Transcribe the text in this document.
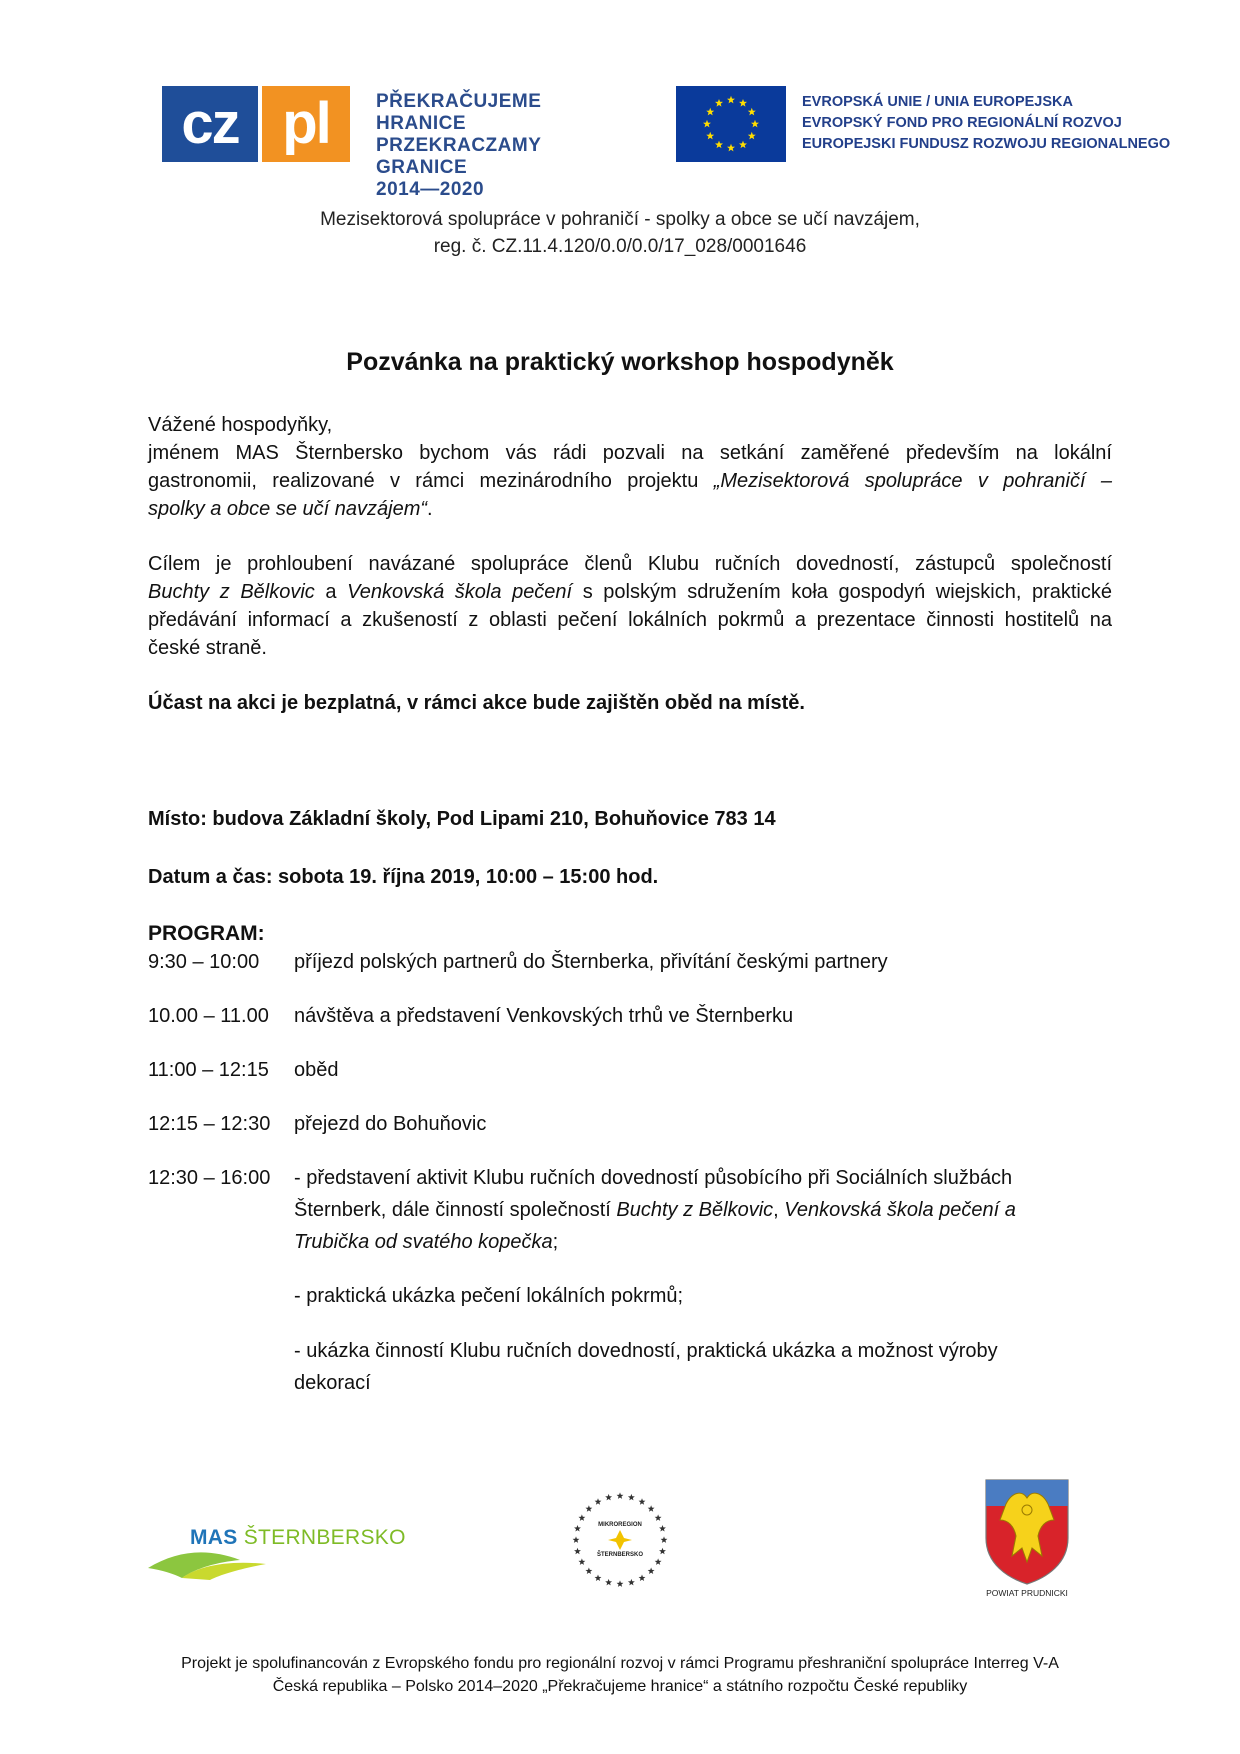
cz pl	PŘEKRAČUJEME HRANICE
PRZEKRACZAMY GRANICE
2014—2020
EVROPSKÁ UNIE / UNIA EUROPEJSKA
EVROPSKÝ FOND PRO REGIONÁLNÍ ROZVOJ
EUROPEJSKI FUNDUSZ ROZWOJU REGIONALNEGO
Mezisektorová spolupráce v pohraničí - spolky a obce se učí navzájem,
reg. č. CZ.11.4.120/0.0/0.0/17_028/0001646
Pozvánka na praktický workshop hospodyněk
Vážené hospodyňky,
jménem MAS Šternbersko bychom vás rádi pozvali na setkání zaměřené především na lokální
gastronomii, realizované v rámci mezinárodního projektu „Mezisektorová spolupráce v pohraničí –
spolky a obce se učí navzájem“.
Cílem je prohloubení navázané spolupráce členů Klubu ručních dovedností, zástupců společností
Buchty z Bělkovic a Venkovská škola pečení s polským sdružením koła gospodyń wiejskich, praktické
předávání informací a zkušeností z oblasti pečení lokálních pokrmů a prezentace činnosti hostitelů na
české straně.
Účast na akci je bezplatná, v rámci akce bude zajištěn oběd na místě.
Místo: budova Základní školy, Pod Lipami 210, Bohuňovice 783 14
Datum a čas: sobota 19. října 2019, 10:00 – 15:00 hod.
PROGRAM:
9:30 – 10:00	příjezd polských partnerů do Šternberka, přivítání českými partnery
10.00 – 11.00	návštěva a představení Venkovských trhů ve Šternberku
11:00 – 12:15	oběd
12:15 – 12:30	přejezd do Bohuňovic
12:30 – 16:00	- představení aktivit Klubu ručních dovedností působícího při Sociálních službách
Šternberk, dále činností společností Buchty z Bělkovic, Venkovská škola pečení a
Trubička od svatého kopečka;
- praktická ukázka pečení lokálních pokrmů;
- ukázka činností Klubu ručních dovedností, praktická ukázka a možnost výroby
dekorací
MAS ŠTERNBERSKO
MIKROREGION
ŠTERNBERSKO
POWIAT PRUDNICKI
Projekt je spolufinancován z Evropského fondu pro regionální rozvoj v rámci Programu přeshraniční spolupráce Interreg V-A
Česká republika – Polsko 2014–2020 „Překračujeme hranice“ a státního rozpočtu České republiky
